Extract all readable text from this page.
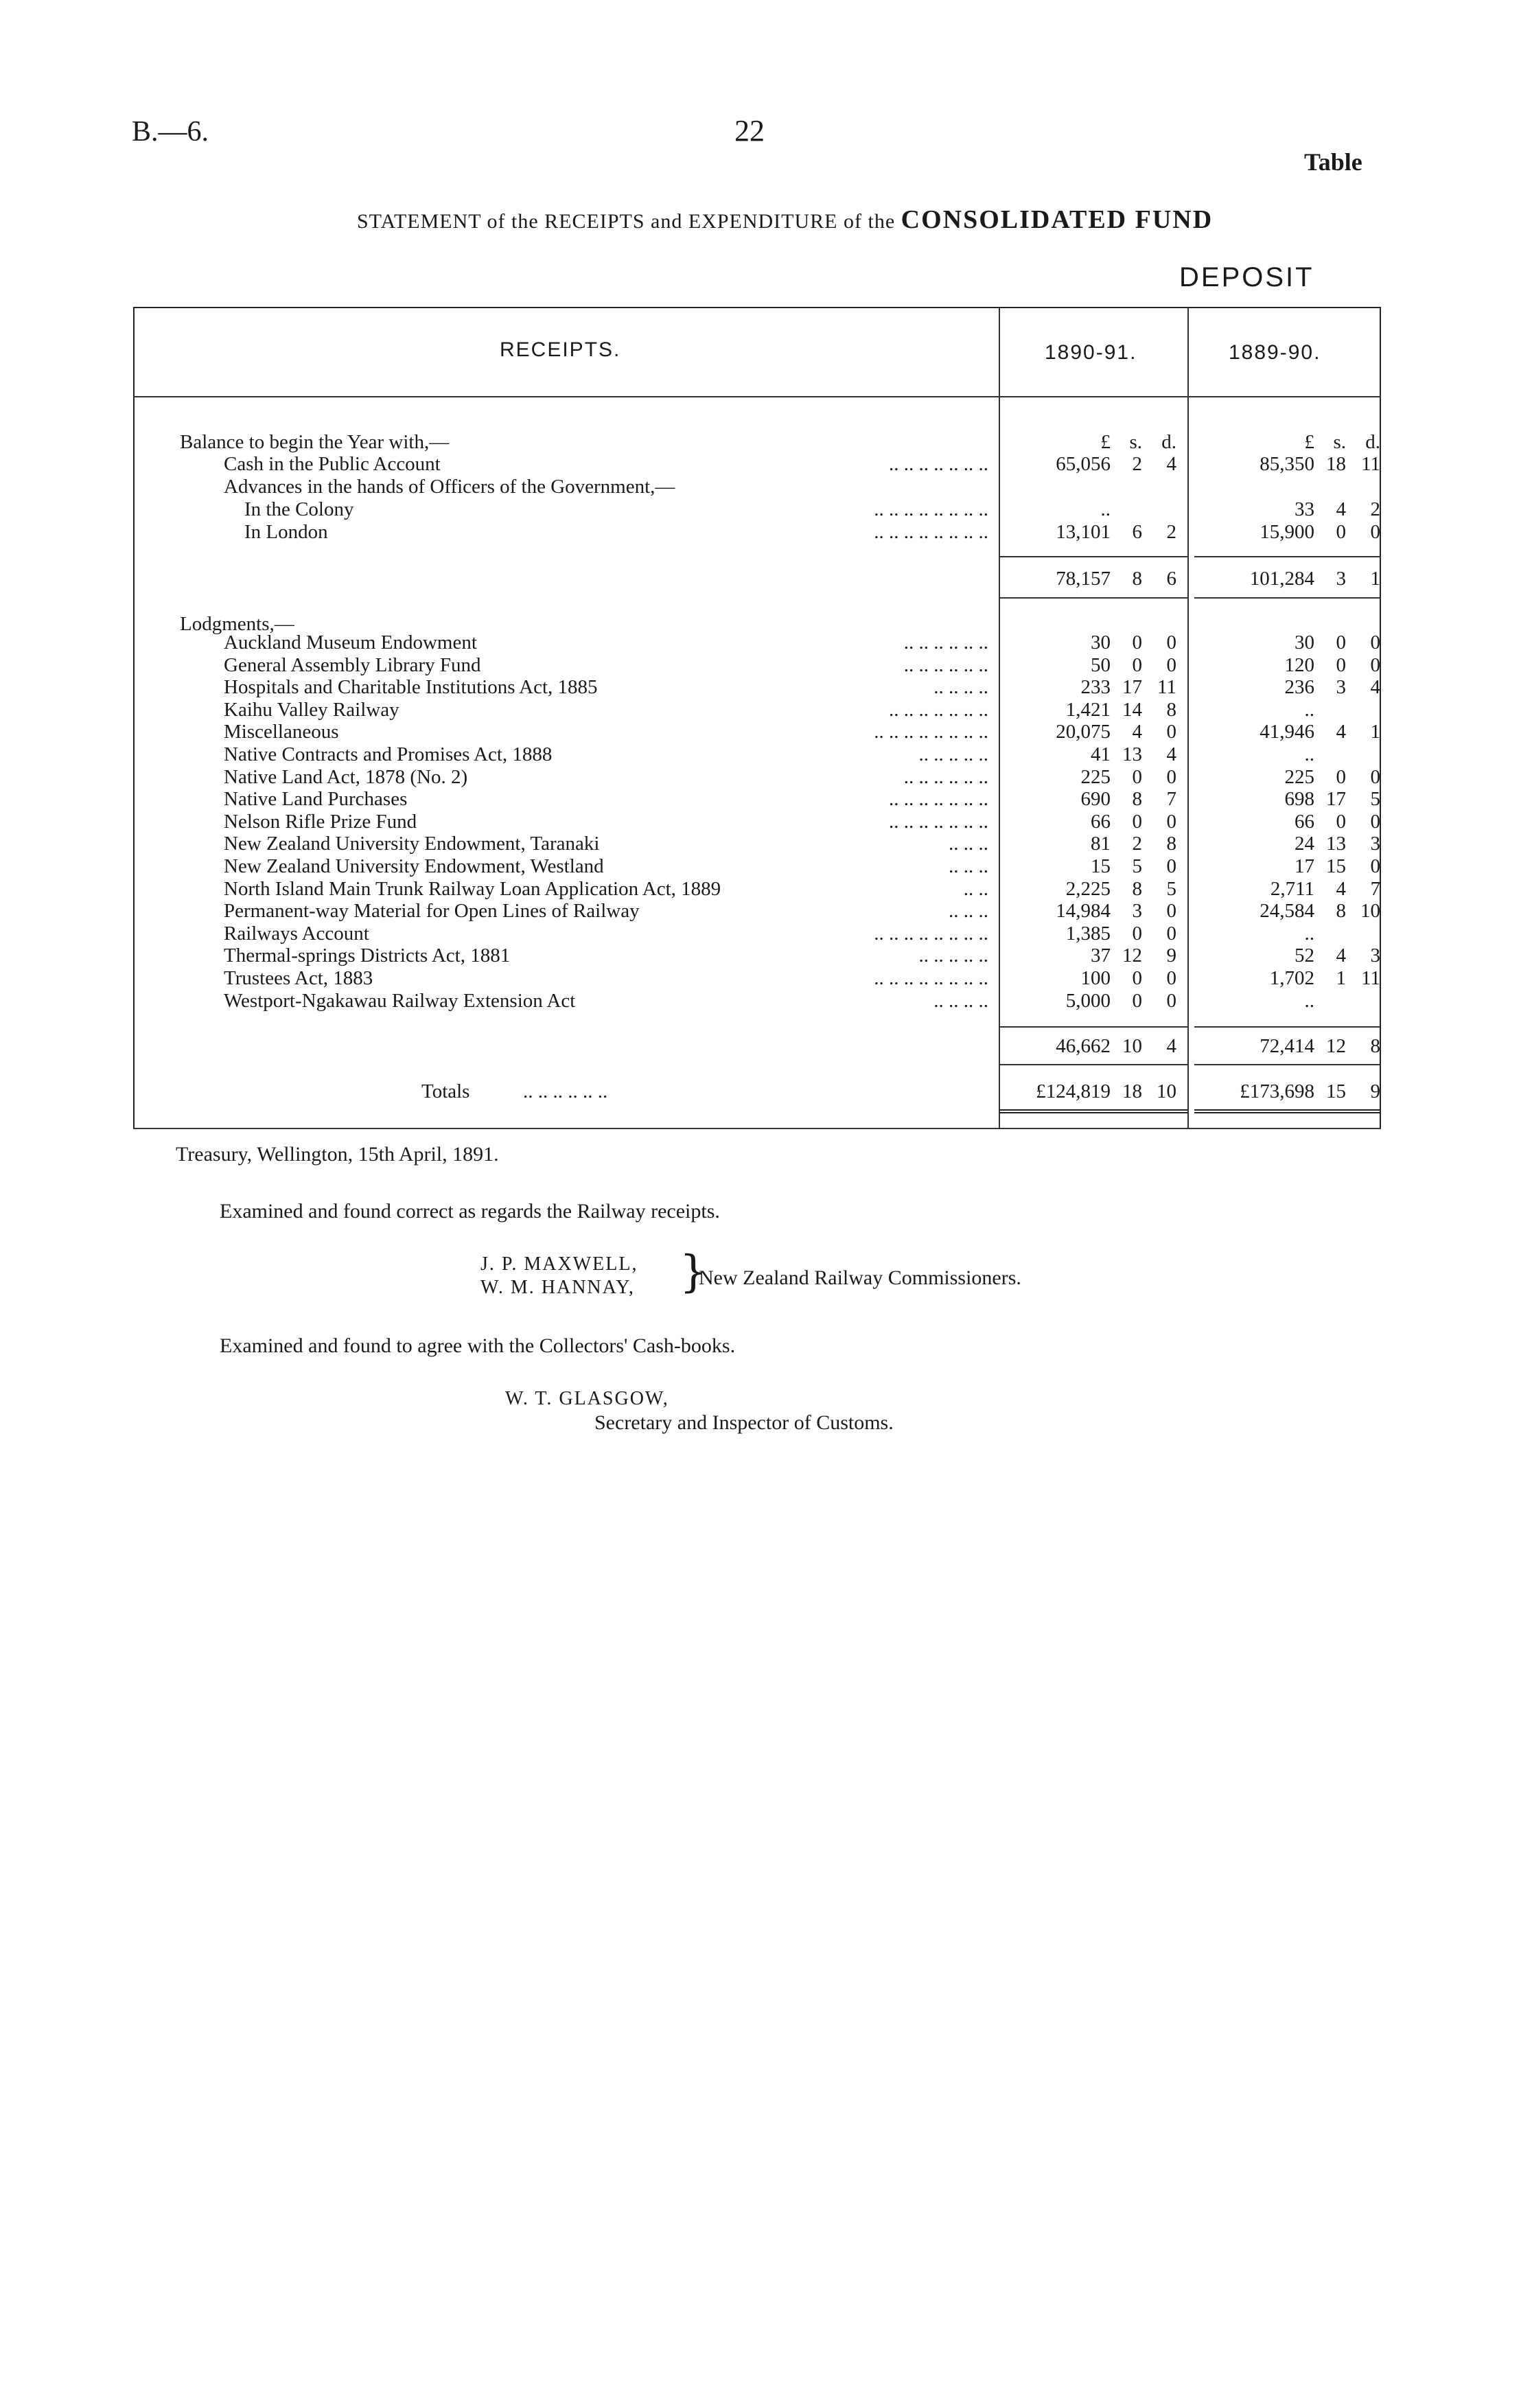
B.—6.	22
Table
STATEMENT of the RECEIPTS and EXPENDITURE of the CONSOLIDATED FUND
DEPOSIT
RECEIPTS.	1890-91.	1889-90.
Balance to begin the Year with,—	£ s. d.	£ s. d.
Cash in the Public Account	.. .. .. .. .. .. ..	65,056	2	4	85,350 18 11
Advances in the hands of Officers of the Government,—
In the Colony	.. .. .. .. .. .. .. ..	..	33	4	2
In London	.. .. .. .. .. .. .. ..	13,101	6	2	15,900	0	0
78,157	8	6	101,284	3	1
Lodgments,—
Auckland Museum Endowment	.. .. .. .. .. ..	30	0	0	30	0	0
General Assembly Library Fund	.. .. .. .. .. ..	50	0	0	120	0	0
Hospitals and Charitable Institutions Act, 1885	.. .. .. ..	233 17 11	236	3	4
Kaihu Valley Railway	.. .. .. .. .. .. ..	1,421 14	8	..
Miscellaneous	.. .. .. .. .. .. .. ..	20,075	4	0	41,946	4	1
Native Contracts and Promises Act, 1888	.. .. .. .. ..	41 13	4	..
Native Land Act, 1878 (No. 2)	.. .. .. .. .. ..	225	0	0	225	0	0
Native Land Purchases	.. .. .. .. .. .. ..	690	8	7	698 17	5
Nelson Rifle Prize Fund	.. .. .. .. .. .. ..	66	0	0	66	0	0
New Zealand University Endowment, Taranaki	.. .. ..	81	2	8	24 13	3
New Zealand University Endowment, Westland	.. .. ..	15	5	0	17 15	0
North Island Main Trunk Railway Loan Application Act, 1889	.. ..	2,225	8	5	2,711	4	7
Permanent-way Material for Open Lines of Railway	.. .. ..	14,984	3	0	24,584	8 10
Railways Account	.. .. .. .. .. .. .. ..	1,385	0	0	..
Thermal-springs Districts Act, 1881	.. .. .. .. ..	37 12	9	52	4	3
Trustees Act, 1883	.. .. .. .. .. .. .. ..	100	0	0	1,702	1 11
Westport-Ngakawau Railway Extension Act	.. .. .. ..	5,000	0	0	..
46,662 10	4	72,414 12	8
Totals	.. .. .. .. .. ..	£124,819 18 10	£173,698 15	9
Treasury, Wellington, 15th April, 1891.
Examined and found correct as regards the Railway receipts.
J. P. MAXWELL,
W. M. HANNAY, }
New Zealand Railway Commissioners.
Examined and found to agree with the Collectors' Cash-books.
W. T. GLASGOW,
Secretary and Inspector of Customs.
